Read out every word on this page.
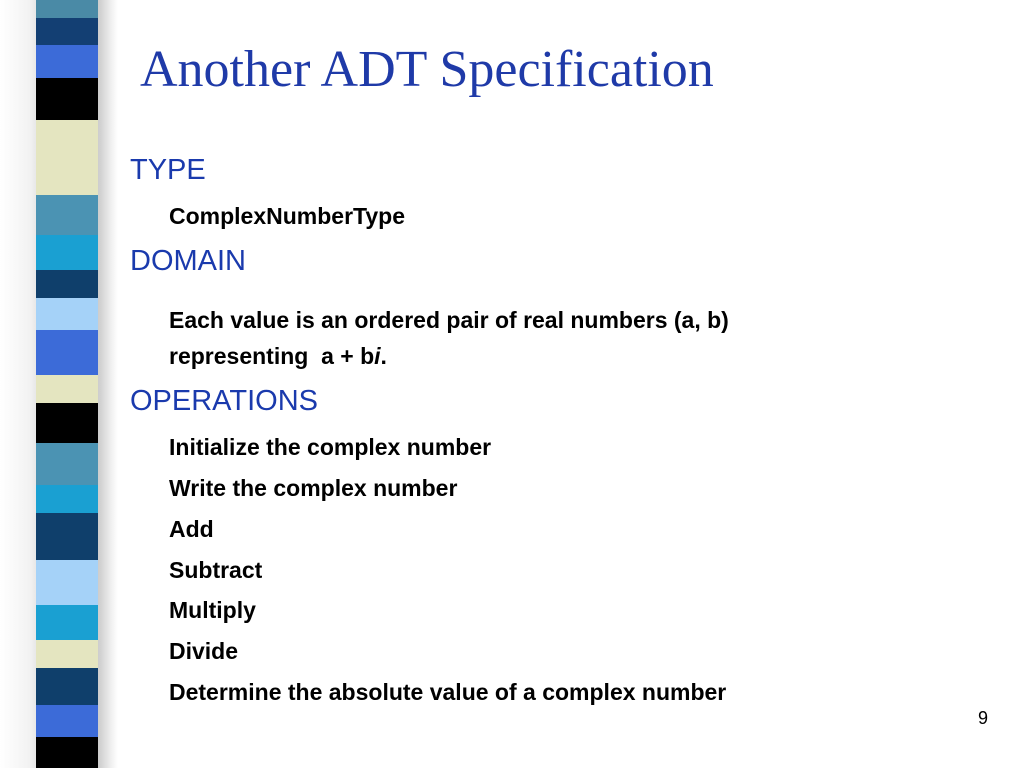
Another ADT Specification
TYPE
ComplexNumberType
DOMAIN
Each value is an ordered pair of real numbers (a, b)
representing  a + bi.
OPERATIONS
Initialize the complex number
Write the complex number
Add
Subtract
Multiply
Divide
Determine the absolute value of a complex number
9
